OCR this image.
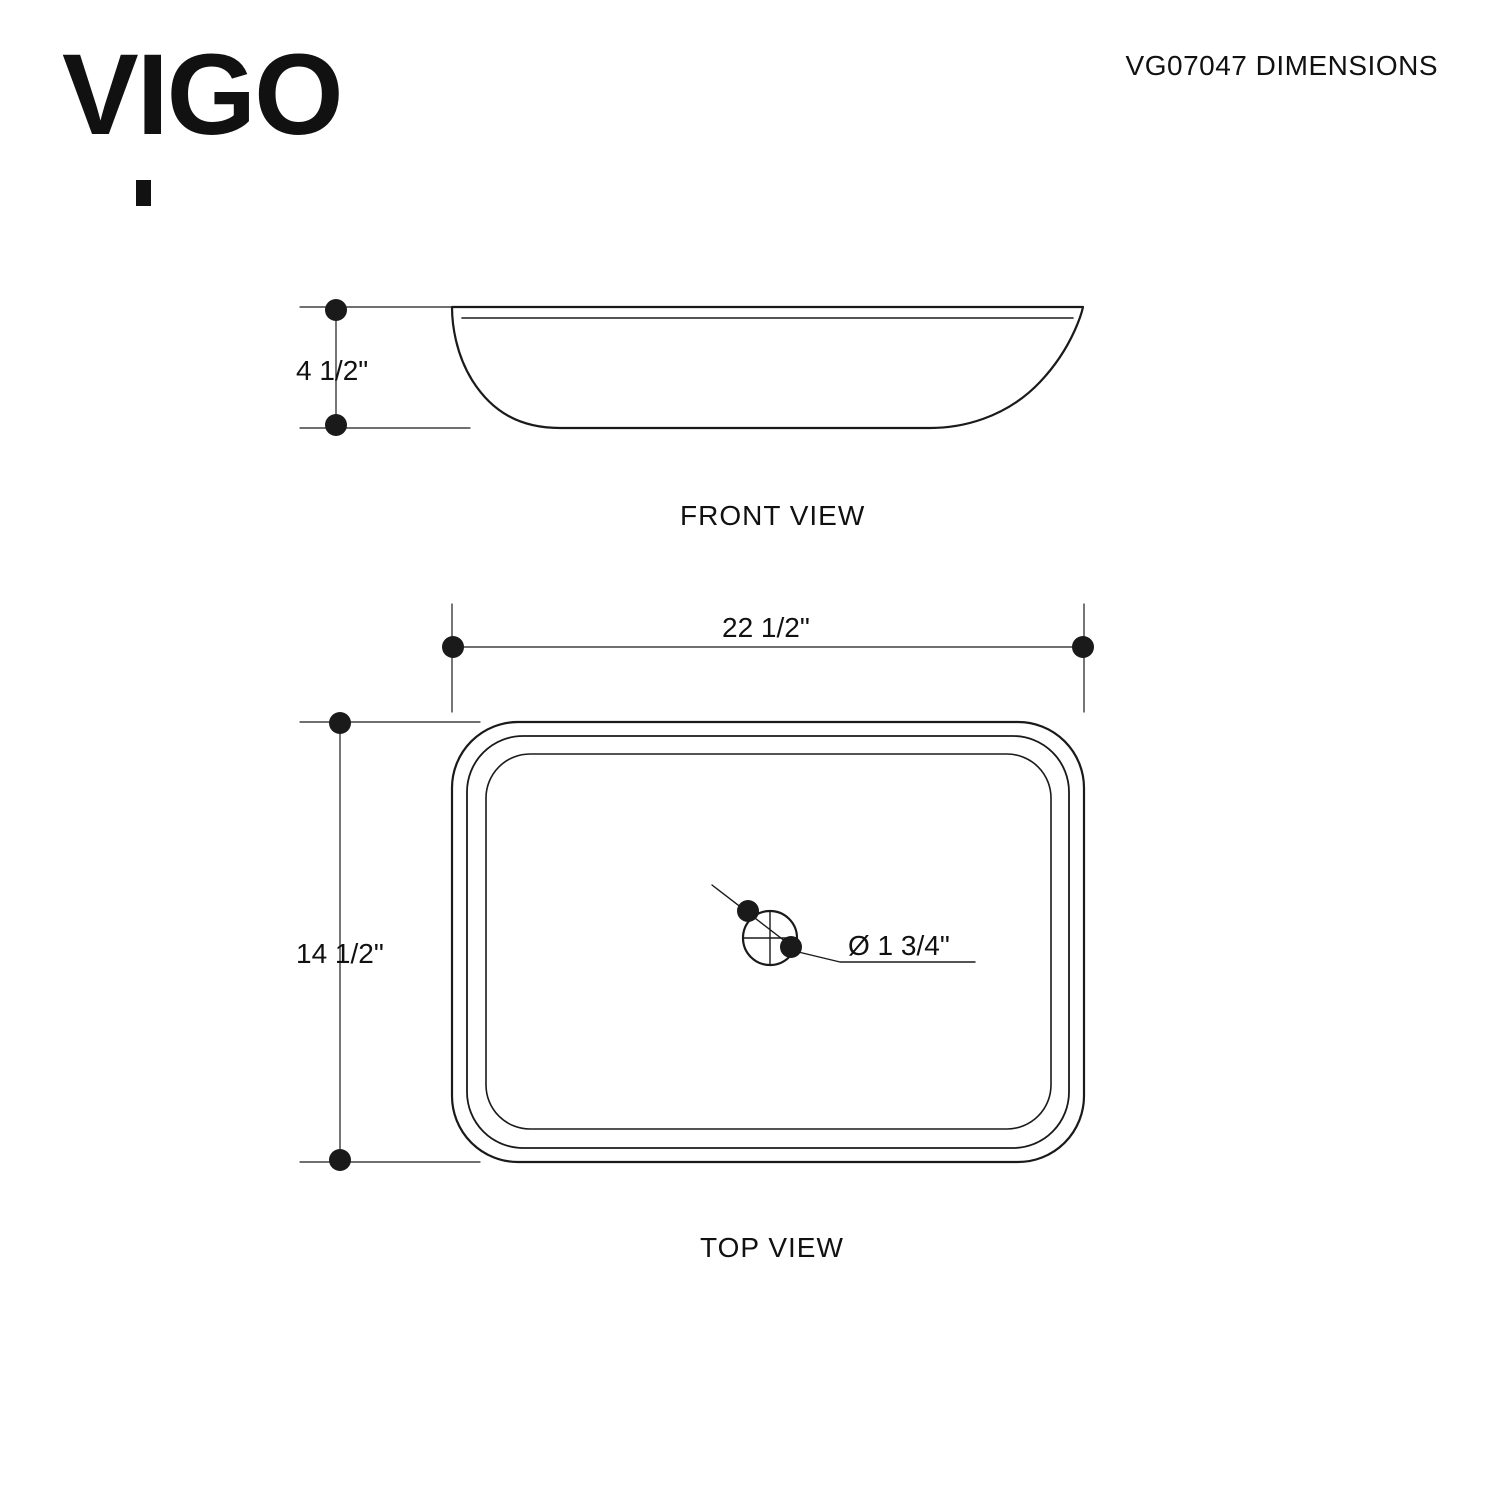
VIGO	VG07047 DIMENSIONS
4 1/2"
22 1/2"
14 1/2"	Ø 1 3/4"
FRONT VIEW
TOP VIEW
